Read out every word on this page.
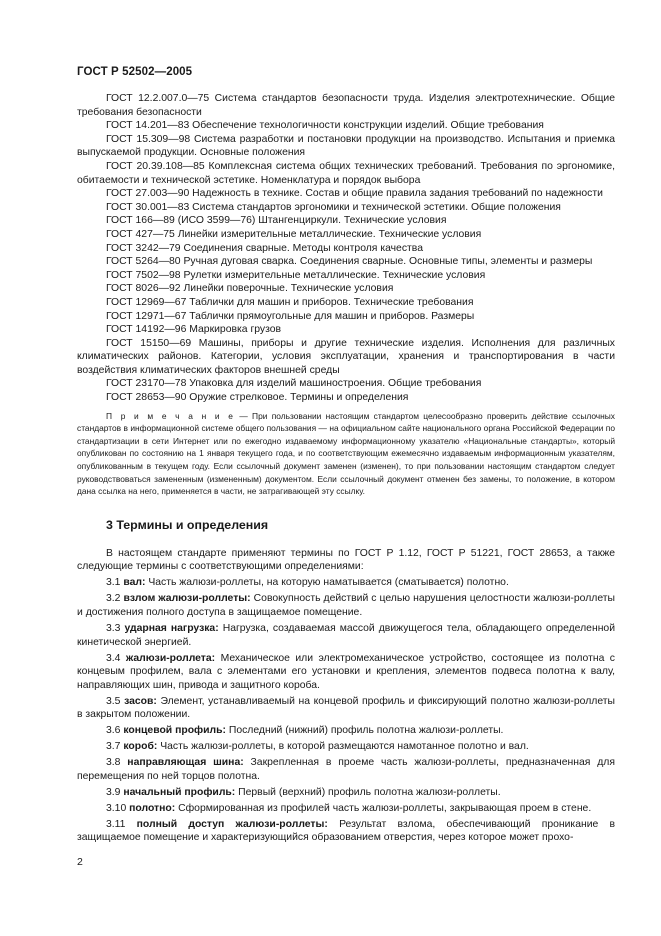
ГОСТ Р 52502—2005

ГОСТ 12.2.007.0—75 Система стандартов безопасности труда. Изделия электротехнические. Общие требования безопасности

ГОСТ 14.201—83 Обеспечение технологичности конструкции изделий. Общие требования

ГОСТ 15.309—98 Система разработки и постановки продукции на производство. Испытания и приемка выпускаемой продукции. Основные положения

ГОСТ 20.39.108—85 Комплексная система общих технических требований. Требования по эргономике, обитаемости и технической эстетике. Номенклатура и порядок выбора

ГОСТ 27.003—90 Надежность в технике. Состав и общие правила задания требований по надежности

ГОСТ 30.001—83 Система стандартов эргономики и технической эстетики. Общие положения

ГОСТ 166—89 (ИСО 3599—76) Штангенциркули. Технические условия

ГОСТ 427—75 Линейки измерительные металлические. Технические условия

ГОСТ 3242—79 Соединения сварные. Методы контроля качества

ГОСТ 5264—80 Ручная дуговая сварка. Соединения сварные. Основные типы, элементы и размеры

ГОСТ 7502—98 Рулетки измерительные металлические. Технические условия

ГОСТ 8026—92 Линейки поверочные. Технические условия

ГОСТ 12969—67 Таблички для машин и приборов. Технические требования

ГОСТ 12971—67 Таблички прямоугольные для машин и приборов. Размеры

ГОСТ 14192—96 Маркировка грузов

ГОСТ 15150—69 Машины, приборы и другие технические изделия. Исполнения для различных климатических районов. Категории, условия эксплуатации, хранения и транспортирования в части воздействия климатических факторов внешней среды

ГОСТ 23170—78 Упаковка для изделий машиностроения. Общие требования

ГОСТ 28653—90 Оружие стрелковое. Термины и определения

П р и м е ч а н и е — При пользовании настоящим стандартом целесообразно проверить действие ссылочных стандартов в информационной системе общего пользования — на официальном сайте национального органа Российской Федерации по стандартизации в сети Интернет или по ежегодно издаваемому информационному указателю «Национальные стандарты», который опубликован по состоянию на 1 января текущего года, и по соответствующим ежемесячно издаваемым информационным указателям, опубликованным в текущем году. Если ссылочный документ заменен (изменен), то при пользовании настоящим стандартом следует руководствоваться замененным (измененным) документом. Если ссылочный документ отменен без замены, то положение, в котором дана ссылка на него, применяется в части, не затрагивающей эту ссылку.

3 Термины и определения

В настоящем стандарте применяют термины по ГОСТ Р 1.12, ГОСТ Р 51221, ГОСТ 28653, а также следующие термины с соответствующими определениями:

3.1 вал: Часть жалюзи-роллеты, на которую наматывается (сматывается) полотно.

3.2 взлом жалюзи-роллеты: Совокупность действий с целью нарушения целостности жалюзи-роллеты и достижения полного доступа в защищаемое помещение.

3.3 ударная нагрузка: Нагрузка, создаваемая массой движущегося тела, обладающего определенной кинетической энергией.

3.4 жалюзи-роллета: Механическое или электромеханическое устройство, состоящее из полотна с концевым профилем, вала с элементами его установки и крепления, элементов подвеса полотна к валу, направляющих шин, привода и защитного короба.

3.5 засов: Элемент, устанавливаемый на концевой профиль и фиксирующий полотно жалюзи-роллеты в закрытом положении.

3.6 концевой профиль: Последний (нижний) профиль полотна жалюзи-роллеты.

3.7 короб: Часть жалюзи-роллеты, в которой размещаются намотанное полотно и вал.

3.8 направляющая шина: Закрепленная в проеме часть жалюзи-роллеты, предназначенная для перемещения по ней торцов полотна.

3.9 начальный профиль: Первый (верхний) профиль полотна жалюзи-роллеты.

3.10 полотно: Сформированная из профилей часть жалюзи-роллеты, закрывающая проем в стене.

3.11 полный доступ жалюзи-роллеты: Результат взлома, обеспечивающий проникание в защищаемое помещение и характеризующийся образованием отверстия, через которое может прохо-

2
